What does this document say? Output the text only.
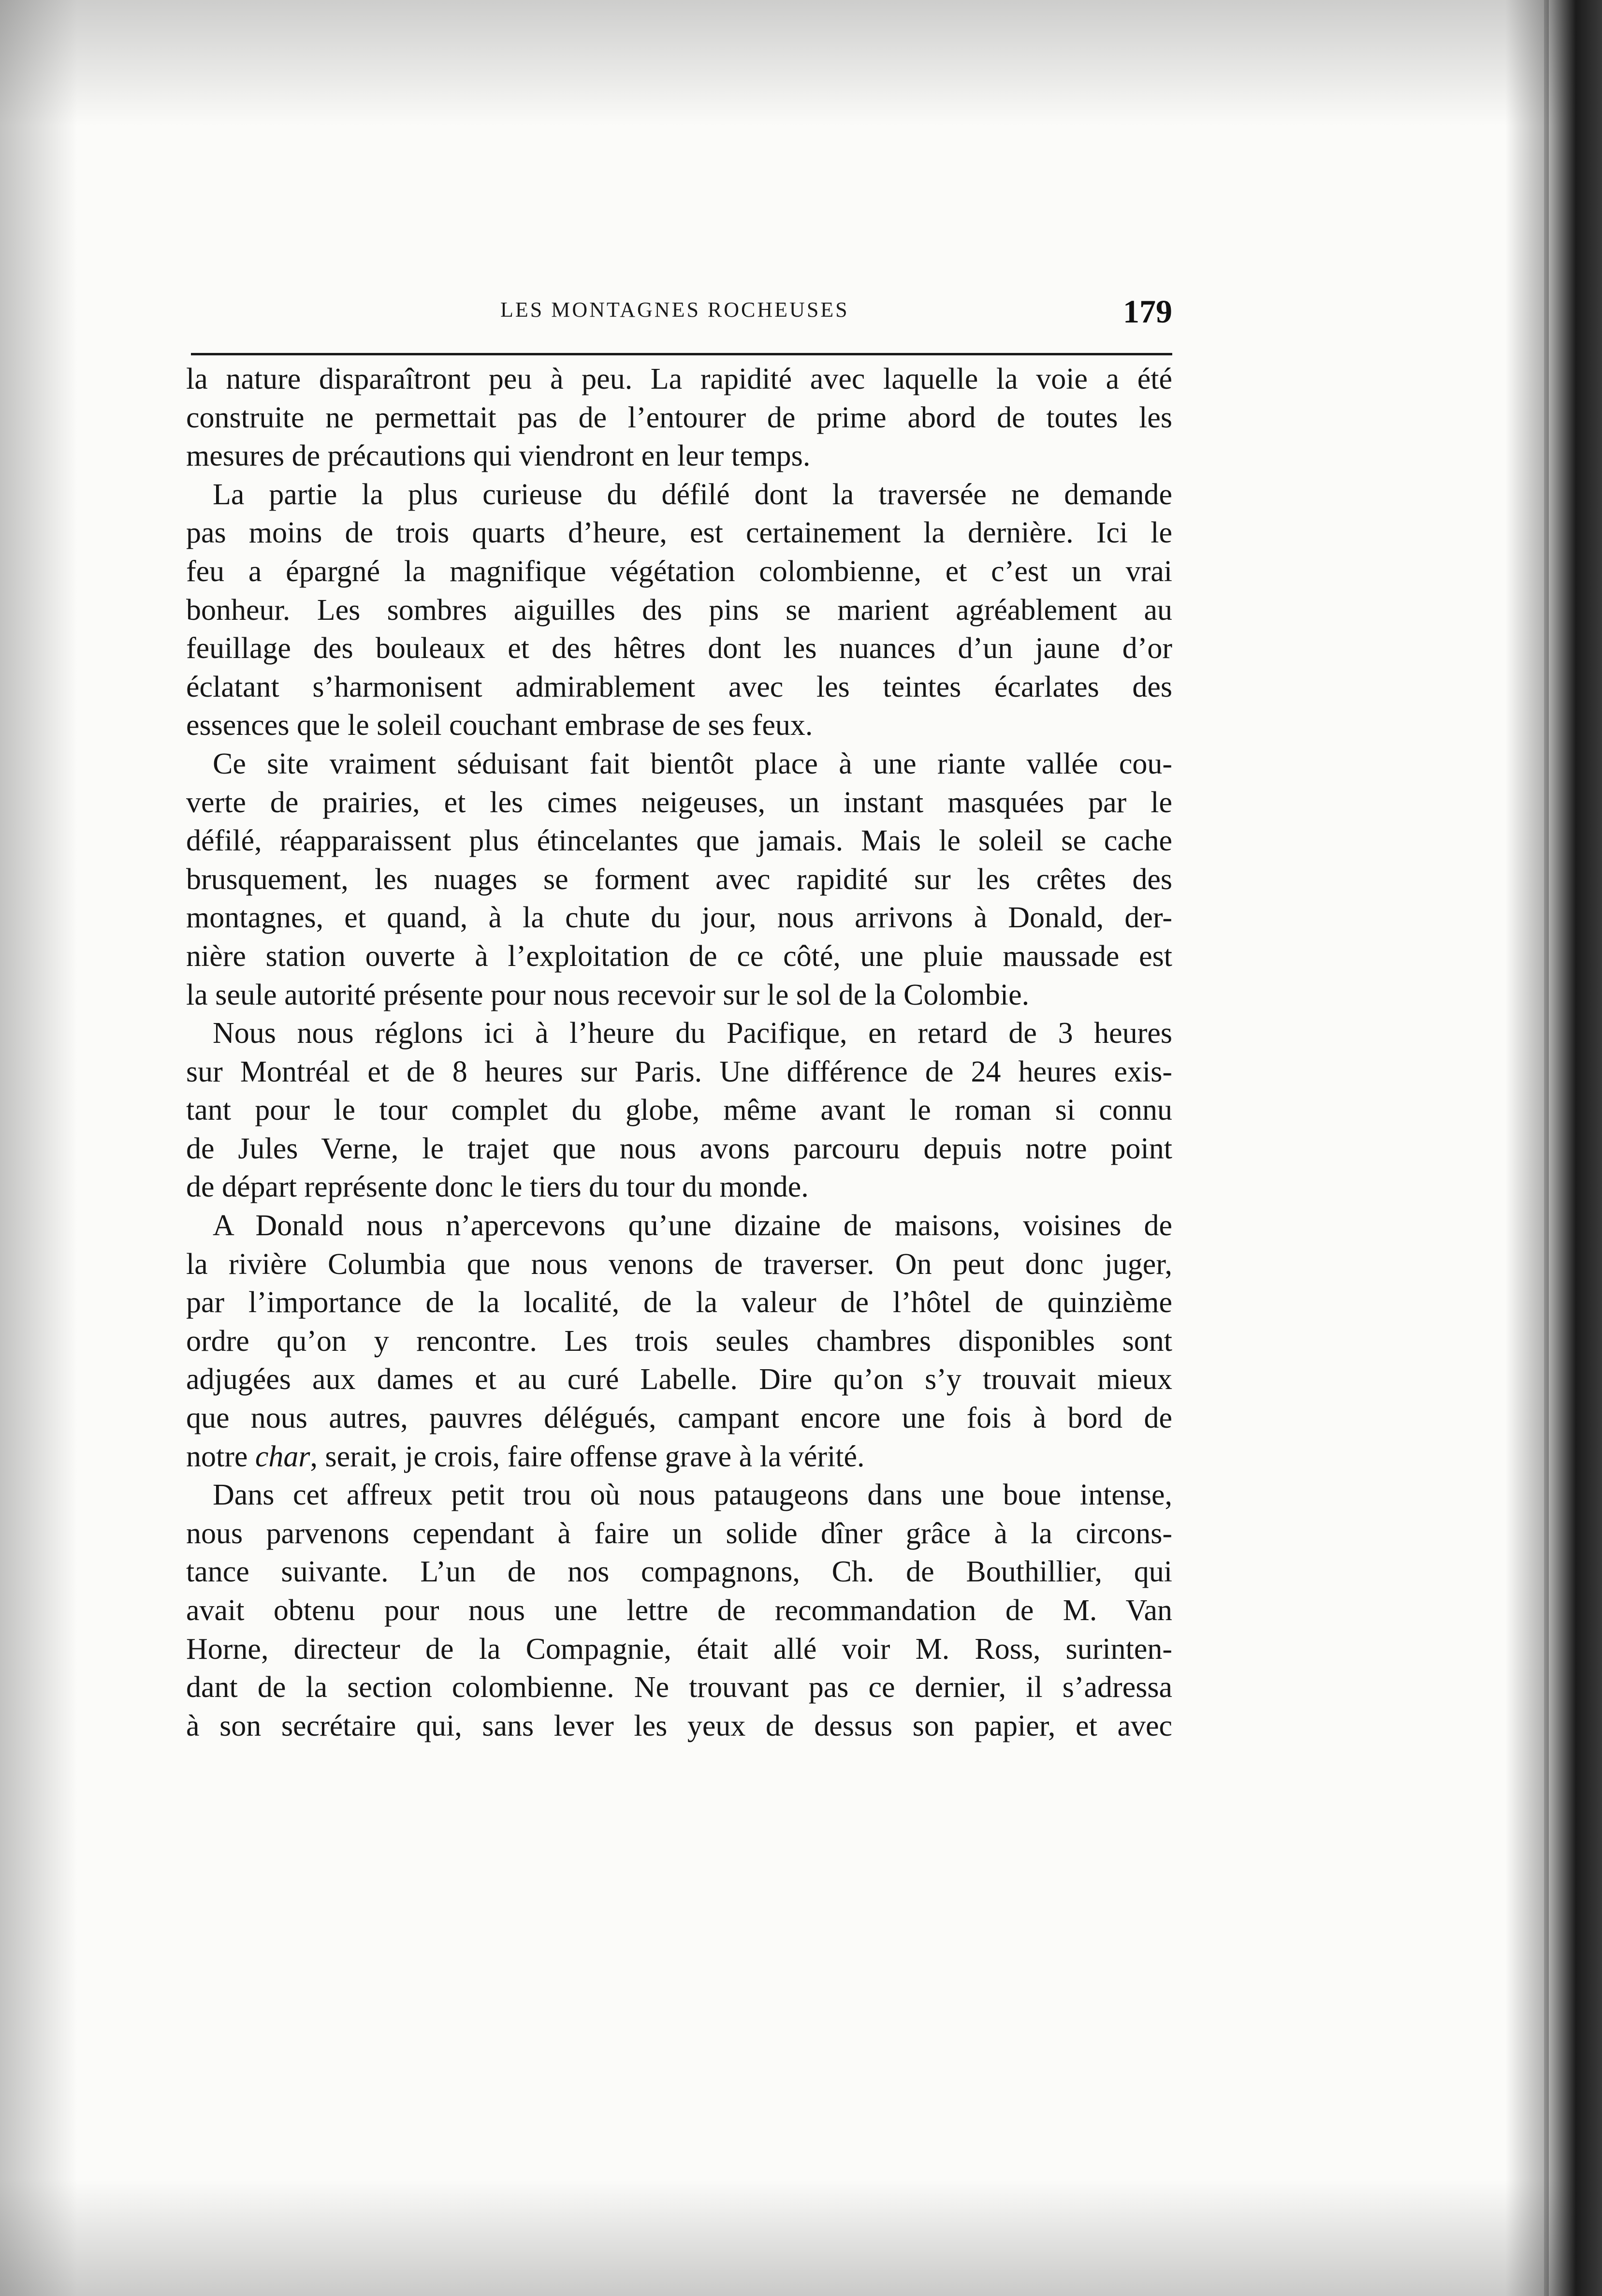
LES MONTAGNES ROCHEUSES	179

la nature disparaîtront peu à peu. La rapidité avec laquelle la voie a été

construite ne permettait pas de l’entourer de prime abord de toutes les

mesures de précautions qui viendront en leur temps.

La partie la plus curieuse du défilé dont la traversée ne demande

pas moins de trois quarts d’heure, est certainement la dernière. Ici le

feu a épargné la magnifique végétation colombienne, et c’est un vrai

bonheur. Les sombres aiguilles des pins se marient agréablement au

feuillage des bouleaux et des hêtres dont les nuances d’un jaune d’or

éclatant s’harmonisent admirablement avec les teintes écarlates des

essences que le soleil couchant embrase de ses feux.

Ce site vraiment séduisant fait bientôt place à une riante vallée cou-

verte de prairies, et les cimes neigeuses, un instant masquées par le

défilé, réapparaissent plus étincelantes que jamais. Mais le soleil se cache

brusquement, les nuages se forment avec rapidité sur les crêtes des

montagnes, et quand, à la chute du jour, nous arrivons à Donald, der-

nière station ouverte à l’exploitation de ce côté, une pluie maussade est

la seule autorité présente pour nous recevoir sur le sol de la Colombie.

Nous nous réglons ici à l’heure du Pacifique, en retard de 3 heures

sur Montréal et de 8 heures sur Paris. Une différence de 24 heures exis-

tant pour le tour complet du globe, même avant le roman si connu

de Jules Verne, le trajet que nous avons parcouru depuis notre point

de départ représente donc le tiers du tour du monde.

A Donald nous n’apercevons qu’une dizaine de maisons, voisines de

la rivière Columbia que nous venons de traverser. On peut donc juger,

par l’importance de la localité, de la valeur de l’hôtel de quinzième

ordre qu’on y rencontre. Les trois seules chambres disponibles sont

adjugées aux dames et au curé Labelle. Dire qu’on s’y trouvait mieux

que nous autres, pauvres délégués, campant encore une fois à bord de

notre char, serait, je crois, faire offense grave à la vérité.

Dans cet affreux petit trou où nous pataugeons dans une boue intense,

nous parvenons cependant à faire un solide dîner grâce à la circons-

tance suivante. L’un de nos compagnons, Ch. de Bouthillier, qui

avait obtenu pour nous une lettre de recommandation de M. Van

Horne, directeur de la Compagnie, était allé voir M. Ross, surinten-

dant de la section colombienne. Ne trouvant pas ce dernier, il s’adressa

à son secrétaire qui, sans lever les yeux de dessus son papier, et avec
